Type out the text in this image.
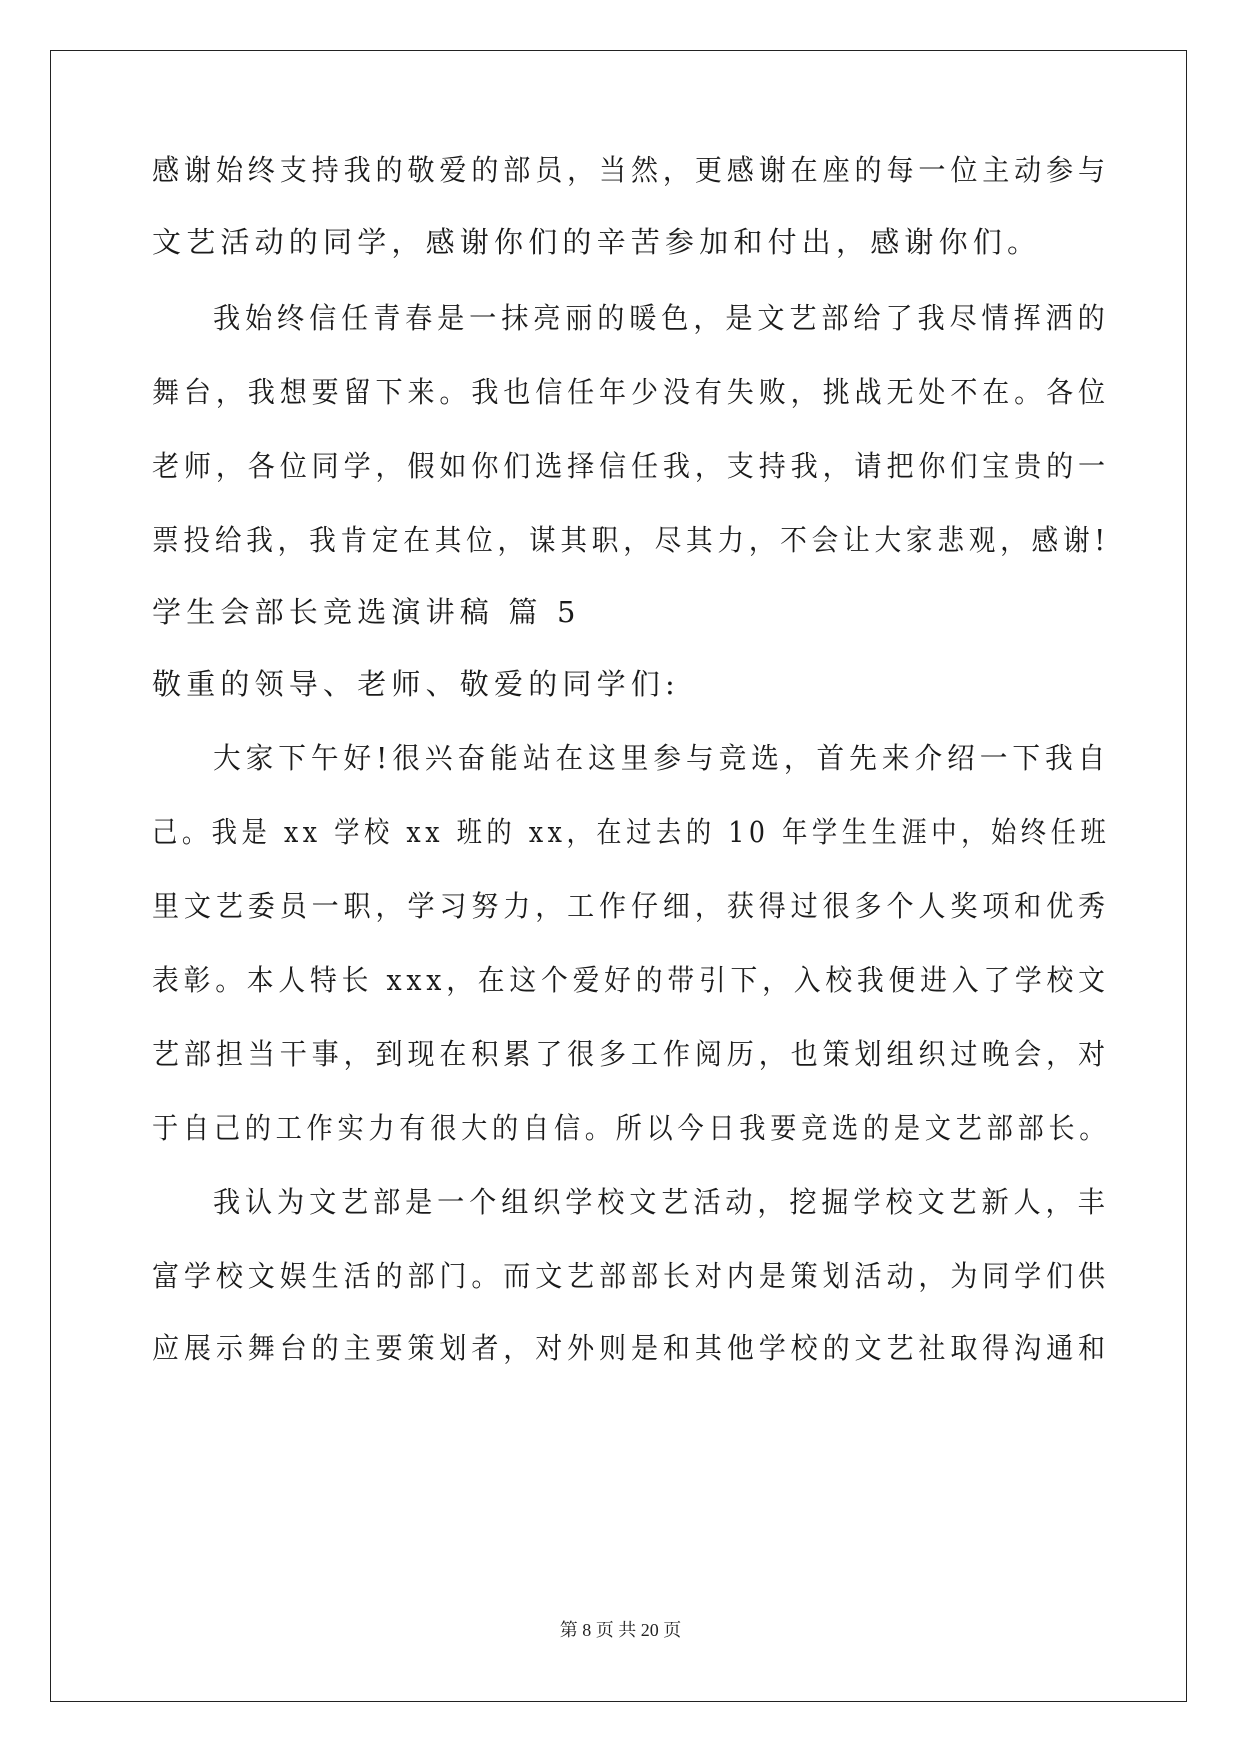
感谢始终支持我的敬爱的部员，当然，更感谢在座的每一位主动参与
文艺活动的同学，感谢你们的辛苦参加和付出，感谢你们。
我始终信任青春是一抹亮丽的暖色，是文艺部给了我尽情挥洒的
舞台，我想要留下来。我也信任年少没有失败，挑战无处不在。各位
老师，各位同学，假如你们选择信任我，支持我，请把你们宝贵的一
票投给我，我肯定在其位，谋其职，尽其力，不会让大家悲观，感谢!
学生会部长竞选演讲稿 篇 5
敬重的领导、老师、敬爱的同学们:
大家下午好!很兴奋能站在这里参与竞选，首先来介绍一下我自
己。我是 xx 学校 xx 班的 xx，在过去的 10 年学生生涯中，始终任班
里文艺委员一职，学习努力，工作仔细，获得过很多个人奖项和优秀
表彰。本人特长 xxx，在这个爱好的带引下，入校我便进入了学校文
艺部担当干事，到现在积累了很多工作阅历，也策划组织过晚会，对
于自己的工作实力有很大的自信。所以今日我要竞选的是文艺部部长。
我认为文艺部是一个组织学校文艺活动，挖掘学校文艺新人，丰
富学校文娱生活的部门。而文艺部部长对内是策划活动，为同学们供
应展示舞台的主要策划者，对外则是和其他学校的文艺社取得沟通和
第 8 页 共 20 页
